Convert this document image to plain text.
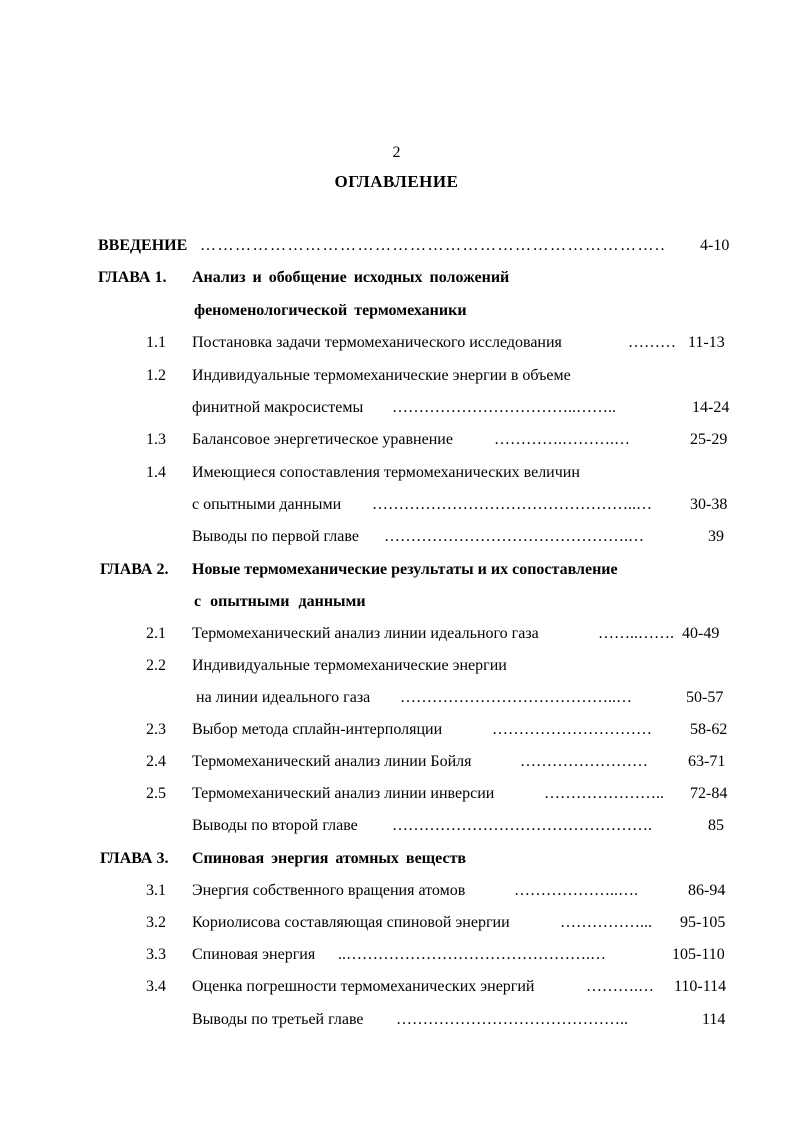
2
ОГЛАВЛЕНИЕ
ВВЕДЕНИЕ ……………………………………………………………………..	4-10
ГЛАВА 1. Анализ и обобщение исходных положений
феноменологической термомеханики
1.1 Постановка задачи термомеханического исследования	……… 11-13
1.2 Индивидуальные термомеханические энергии в объеме
финитной макросистемы ……………………………..……..	14-24
1.3 Балансовое энергетическое уравнение	………….……….…	25-29
1.4 Имеющиеся сопоставления термомеханических величин
с опытными данными …………………………………………..… 30-38
Выводы по первой главе ……………………………………….…	39
ГЛАВА 2. Новые термомеханические результаты и их сопоставление
с опытными данными
2.1 Термомеханический анализ линии идеального газа	……..……. 40-49
2.2 Индивидуальные термомеханические энергии
на линии идеального газа …………………………………..…	50-57
2.3 Выбор метода сплайн-интерполяции	………………………… 58-62
2.4 Термомеханический анализ линии Бойля	……………………	63-71
2.5 Термомеханический анализ линии инверсии	………………….. 72-84
Выводы по второй главе ………………………………………….	85
ГЛАВА 3. Спиновая энергия атомных веществ
3.1 Энергия собственного вращения атомов	………………..….	86-94
3.2 Кориолисова составляющая спиновой энергии	……………... 95-105
3.3 Спиновая энергия ..……………………………………….…	105-110
3.4 Оценка погрешности термомеханических энергий	……….… 110-114
Выводы по третьей главе ……………………………………..	114
